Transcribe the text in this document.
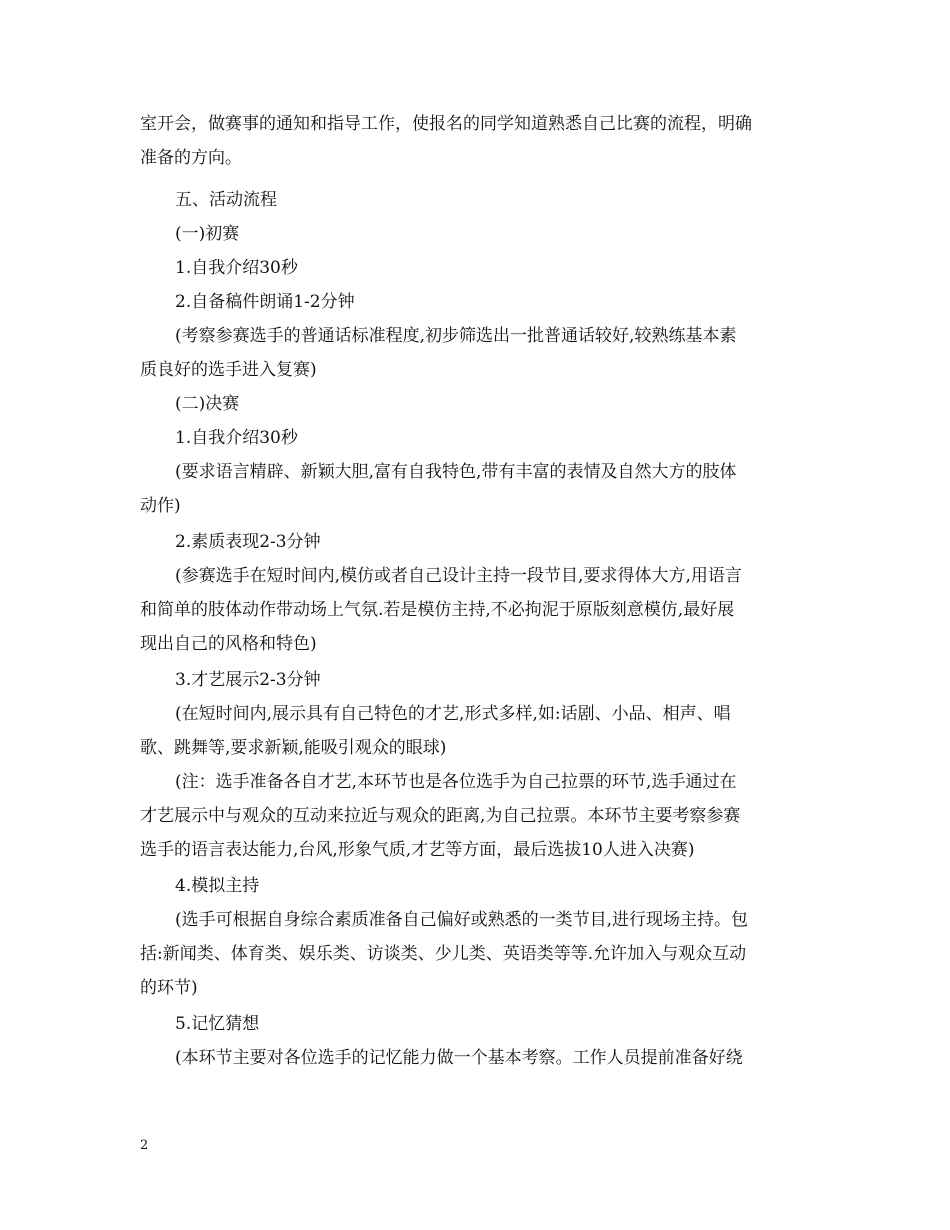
室开会，做赛事的通知和指导工作，使报名的同学知道熟悉自己比赛的流程，明确
准备的方向。
五、活动流程
(一)初赛
1.自我介绍30秒
2.自备稿件朗诵1-2分钟
(考察参赛选手的普通话标准程度,初步筛选出一批普通话较好,较熟练基本素
质良好的选手进入复赛)
(二)决赛
1.自我介绍30秒
(要求语言精辟、新颖大胆,富有自我特色,带有丰富的表情及自然大方的肢体
动作)
2.素质表现2-3分钟
(参赛选手在短时间内,模仿或者自己设计主持一段节目,要求得体大方,用语言
和简单的肢体动作带动场上气氛.若是模仿主持,不必拘泥于原版刻意模仿,最好展
现出自己的风格和特色)
3.才艺展示2-3分钟
(在短时间内,展示具有自己特色的才艺,形式多样,如:话剧、小品、相声、唱
歌、跳舞等,要求新颖,能吸引观众的眼球)
(注：选手准备各自才艺,本环节也是各位选手为自己拉票的环节,选手通过在
才艺展示中与观众的互动来拉近与观众的距离,为自己拉票。本环节主要考察参赛
选手的语言表达能力,台风,形象气质,才艺等方面，最后选拔10人进入决赛)
4.模拟主持
(选手可根据自身综合素质准备自己偏好或熟悉的一类节目,进行现场主持。包
括:新闻类、体育类、娱乐类、访谈类、少儿类、英语类等等.允许加入与观众互动
的环节)
5.记忆猜想
(本环节主要对各位选手的记忆能力做一个基本考察。工作人员提前准备好绕
2
